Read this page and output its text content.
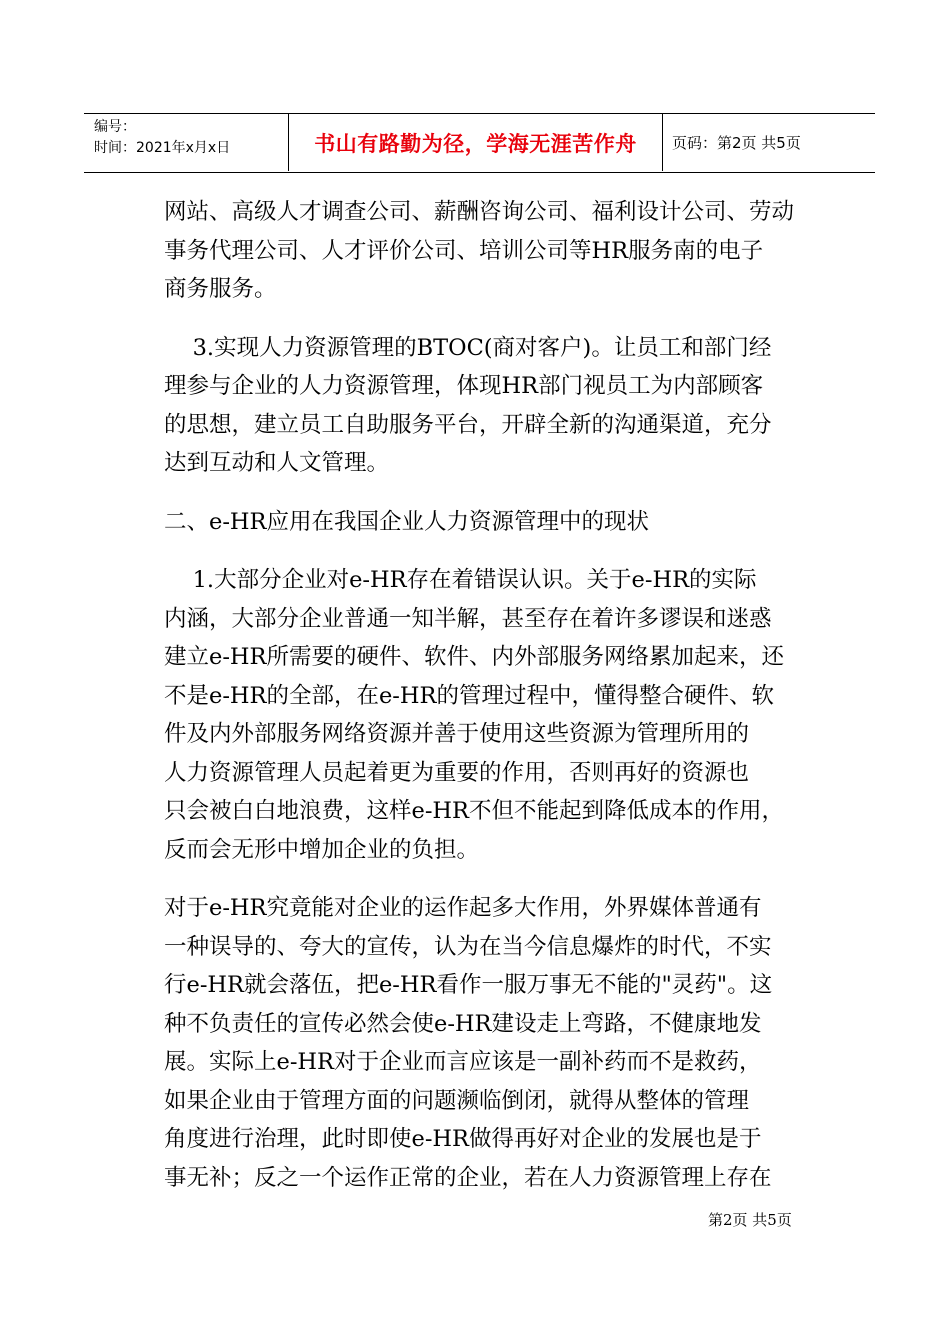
编号：
时间：2021年x月x日	书山有路勤为径，学海无涯苦作舟 页码：第2页 共5页

网站、高级人才调查公司、薪酬咨询公司、福利设计公司、劳动

事务代理公司、人才评价公司、培训公司等HR服务南的电子

商务服务。

3.实现人力资源管理的BTOC(商对客户)。让员工和部门经

理参与企业的人力资源管理，体现HR部门视员工为内部顾客

的思想，建立员工自助服务平台，开辟全新的沟通渠道，充分

达到互动和人文管理。

二、e-HR应用在我国企业人力资源管理中的现状

1.大部分企业对e-HR存在着错误认识。关于e-HR的实际

内涵，大部分企业普通一知半解，甚至存在着许多谬误和迷惑

建立e-HR所需要的硬件、软件、内外部服务网络累加起来，还

不是e-HR的全部，在e-HR的管理过程中，懂得整合硬件、软

件及内外部服务网络资源并善于使用这些资源为管理所用的

人力资源管理人员起着更为重要的作用，否则再好的资源也

只会被白白地浪费，这样e-HR不但不能起到降低成本的作用，

反而会无形中增加企业的负担。

对于e-HR究竟能对企业的运作起多大作用，外界媒体普通有

一种误导的、夸大的宣传，认为在当今信息爆炸的时代，不实

行e-HR就会落伍，把e-HR看作一服万事无不能的"灵药"。这

种不负责任的宣传必然会使e-HR建设走上弯路，不健康地发

展。实际上e-HR对于企业而言应该是一副补药而不是救药，

如果企业由于管理方面的问题濒临倒闭，就得从整体的管理

角度进行治理，此时即使e-HR做得再好对企业的发展也是于

事无补；反之一个运作正常的企业，若在人力资源管理上存在

第2页 共5页
